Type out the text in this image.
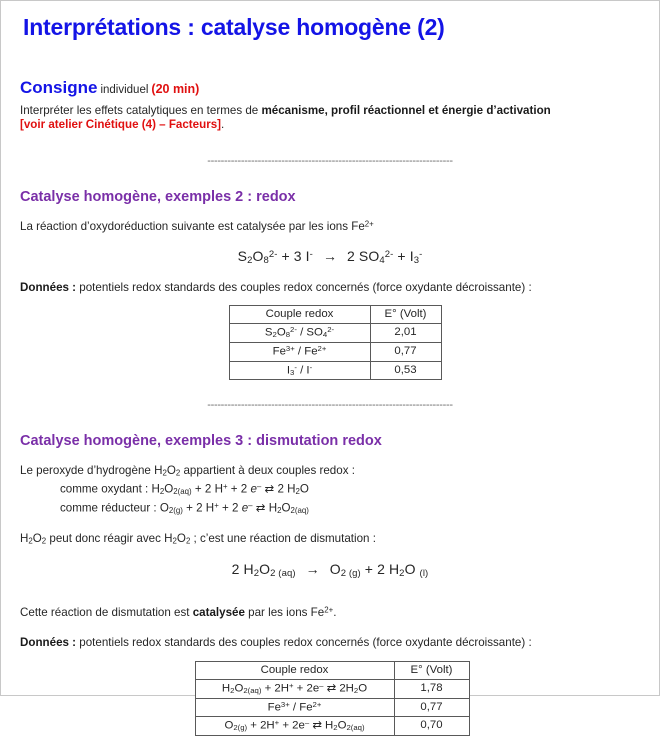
Interprétations : catalyse homogène (2)
Consigne individuel (20 min)
Interpréter les effets catalytiques en termes de mécanisme, profil réactionnel et énergie d’activation
[voir atelier Cinétique (4) – Facteurs].
-------------------------------------------------------------------------
Catalyse homogène, exemples 2 : redox
La réaction d’oxydoréduction suivante est catalysée par les ions $Fe^{2+}$
$S_2O_8^{2-} + 3$ I- → 2 $SO_4^{2-} + I_3^-$
Données : potentiels redox standards des couples redox concernés (force oxydante décroissante) :
Couple redox	E° (Volt)
$S_2O_8^{2-} / SO_4^{2-}$	2,01
$Fe^{3+} / Fe^{2+}$	0,77
$I_3^- / I^-$	0,53
-------------------------------------------------------------------------
Catalyse homogène, exemples 3 : dismutation redox
Le peroxyde d’hydrogène $H_2O_2$ appartient à deux couples redox :
comme oxydant : $H_2O_{2(aq)} + 2$ H+ + 2 e– ⇄ 2 $H_2O$
comme réducteur : $O_{2(g)} + 2$ H+ + 2 e– ⇄ $H_2O_{2(aq)}$
$H_2O_2$ peut donc réagir avec $H_2O_2$ ; c’est une réaction de dismutation :
2 $H_2O_{2 (aq)} \to O_{2 (g)} + 2$ $H_2O$ $_{(l)}$
Cette réaction de dismutation est catalysée par les ions $Fe^{2+}$.
Données : potentiels redox standards des couples redox concernés (force oxydante décroissante) :
Couple redox	E° (Volt)
$H_2O_{2(aq)} + 2H^+ + 2e^-$ ⇄ $2H_2O$	1,78
$Fe^{3+} / Fe^{2+}$	0,77
$O_{2(g)} + 2H^+ + 2e^-$ ⇄ $H_2O_{2(aq)}$	0,70
